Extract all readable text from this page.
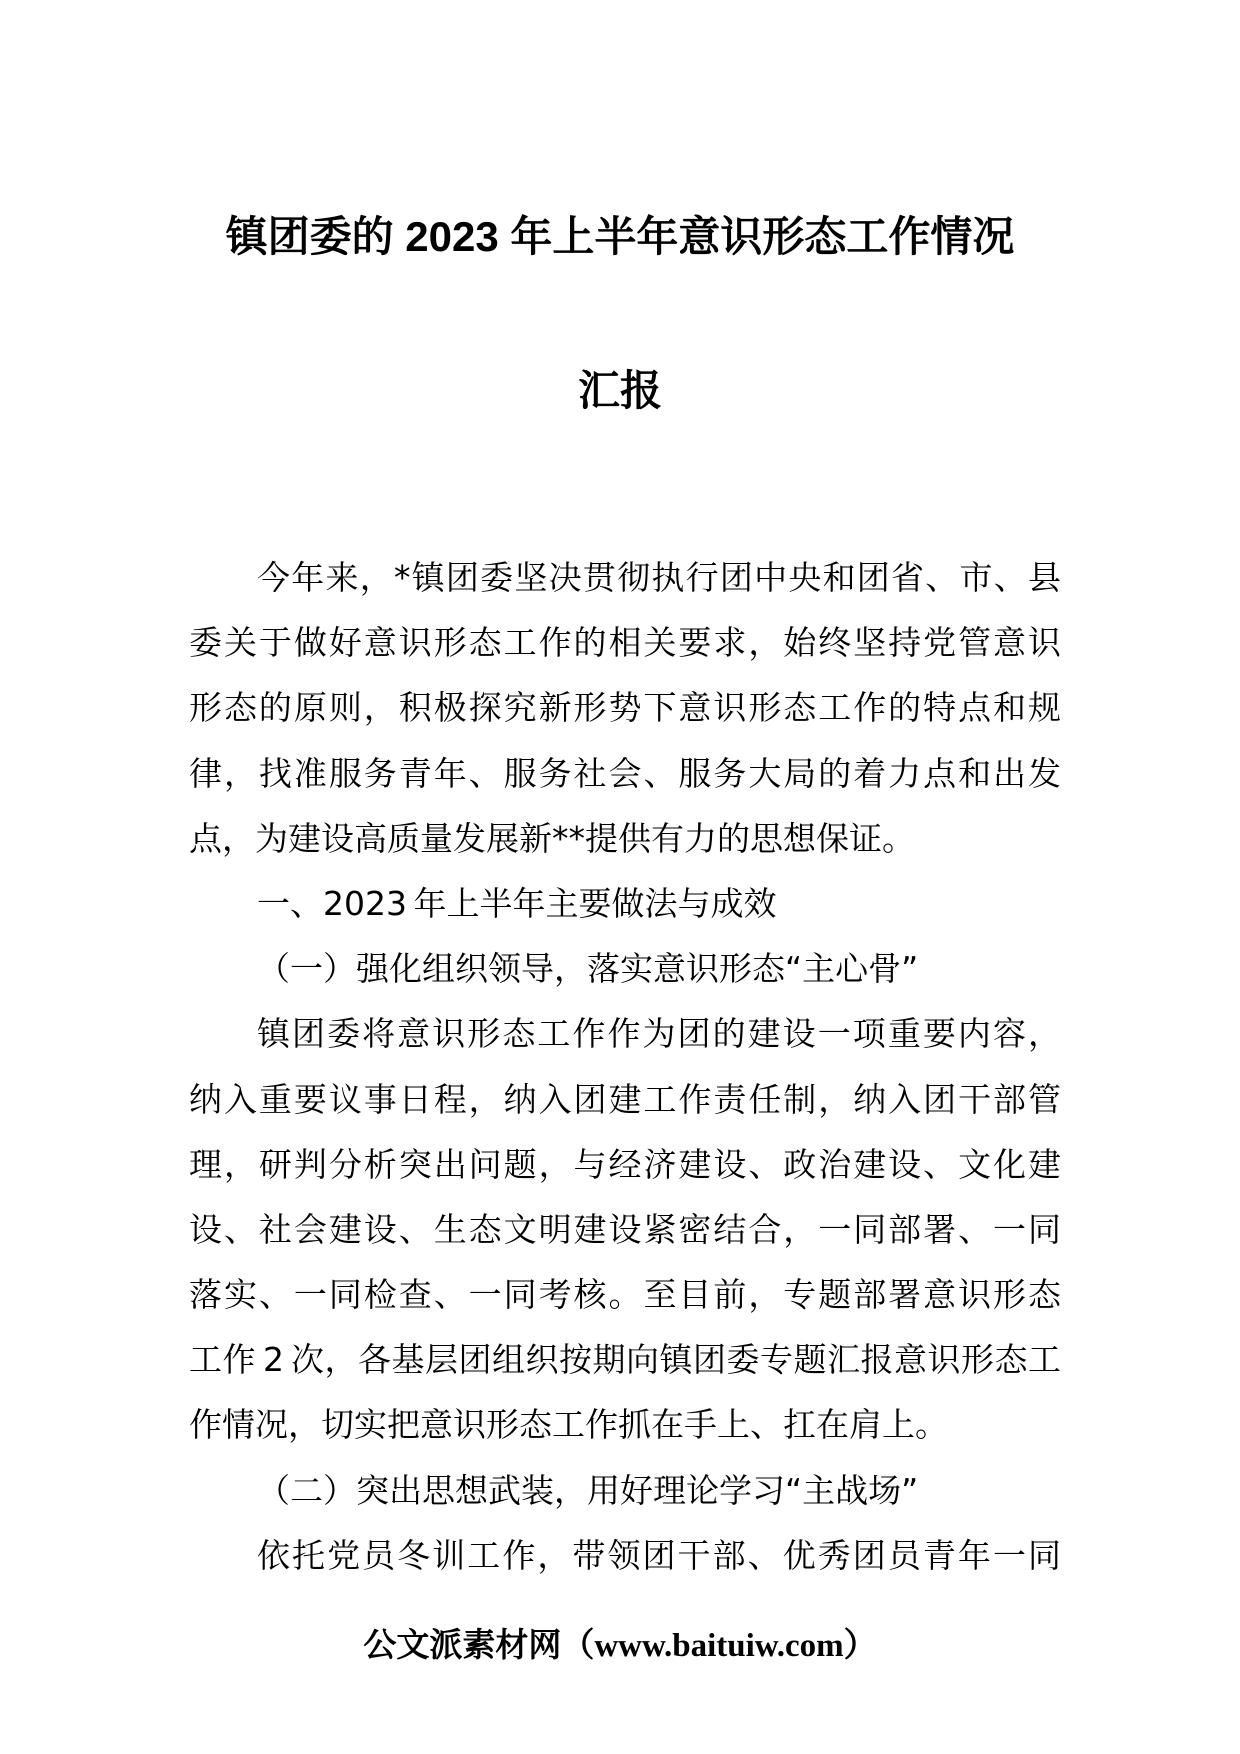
镇团委的 2023 年上半年意识形态工作情况
汇报
今年来，*镇团委坚决贯彻执行团中央和团省、市、县
委关于做好意识形态工作的相关要求，始终坚持党管意识
形态的原则，积极探究新形势下意识形态工作的特点和规
律，找准服务青年、服务社会、服务大局的着力点和出发
点，为建设高质量发展新**提供有力的思想保证。
一、2023 年上半年主要做法与成效
（一）强化组织领导，落实意识形态“主心骨”
镇团委将意识形态工作作为团的建设一项重要内容，
纳入重要议事日程，纳入团建工作责任制，纳入团干部管
理，研判分析突出问题，与经济建设、政治建设、文化建
设、社会建设、生态文明建设紧密结合，一同部署、一同
落实、一同检查、一同考核。至目前，专题部署意识形态
工作 2 次，各基层团组织按期向镇团委专题汇报意识形态工
作情况，切实把意识形态工作抓在手上、扛在肩上。
（二）突出思想武装，用好理论学习“主战场”
依托党员冬训工作，带领团干部、优秀团员青年一同
公文派素材网（www.baituiw.com）
